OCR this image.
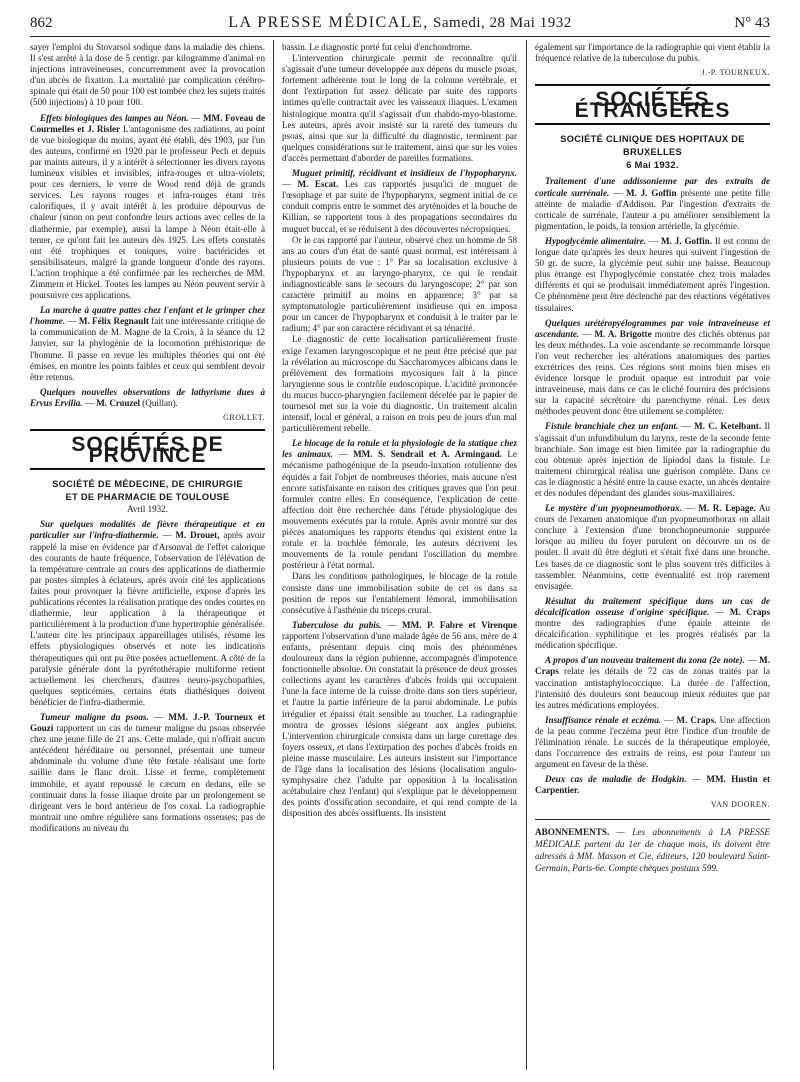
862	LA PRESSE MÉDICALE, Samedi, 28 Mai 1932	N° 43

sayer l'emploi du Stovarsol sodique dans la maladie des chiens. Il s'est arrêté à la dose de 5 centigr. par kilogramme d'animal en injections intraveineuses, concurremment avec la provocation d'un abcès de fixation. La mortalité par complication cérébro-spinale qui était de 50 pour 100 est tombée chez les sujets traités (500 injections) à 10 pour 100.

Effets biologiques des lampes au Néon. — MM. Foveau de Courmelles et J. Risler L'antagonisme des radiations, au point de vue biologique du moins, ayant été établi, dès 1903, par l'un des auteurs, confirmé en 1920 par le professeur Pech et depuis par maints auteurs, il y a intérêt à sélectionner les divers rayons lumineux visibles et invisibles, infra-rouges et ultra-violets; pour ces derniers, le verre de Wood rend déjà de grands services. Les rayons rouges et infra-rouges étant très calorifiques, il y avait intérêt à les produire dépourvus de chaleur (sinon on peut confondre leurs actions avec celles de la diathermie, par exemple), aussi la lampe à Néon était-elle à tenter, ce qu'ont fait les auteurs dès 1925. Les effets constatés ont été trophiques et toniques, voire bactéricides et sensibilisateurs, malgré la grande longueur d'onde des rayons. L'action trophique a été confirmée par les recherches de MM. Zimmern et Hickel. Toutes les lampes au Néon peuvent servir à poursuivre ces applications.

La marche à quatre pattes chez l'enfant et le grimper chez l'homme. — M. Félix Regnault fait une intéressante critique de la communication de M. Magne de la Croix, à la séance du 12 Janvier, sur la phylogénie de la locomotion préhistorique de l'homme. Il passe en revue les multiples théories qui ont été émises, en montre les points faibles et ceux qui semblent devoir être retenus.

Quelques nouvelles observations de lathyrisme dues à Ervus Ervilia. — M. Crouzel (Quillan).

GROLLET.
SOCIÉTÉS DE PROVINCE
SOCIÉTÉ DE MÉDECINE, DE CHIRURGIE
ET DE PHARMACIE DE TOULOUSE
Avril 1932.

Sur quelques modalités de fièvre thérapeutique et en particulier sur l'infra-diathermie. — M. Drouet, après avoir rappelé la mise en évidence par d'Arsonval de l'effet calorique des courants de haute fréquence, l'observation de l'élévation de la température centrale au cours des applications de diathermie par postes simples à éclateurs, après avoir cité les applications faites pour provoquer la fièvre artificielle, expose d'après les publications récentes la réalisation pratique des ondes courtes en diathermie, leur application à la thérapeutique et particulièrement à la production d'une hypertrophie généralisée. L'auteur cite les principaux appareillages utilisés, résume les effets physiologiques observés et note les indications thérapeutiques qui ont pu être posées actuellement. A côté de la paralysie générale dont la pyrétothérapie multiforme retient actuellement les chercheurs, d'autres neuro-psychopathies, quelques septicémies, certains états diathésiques doivent bénéficier de l'infra-diathermie.

Tumeur maligne du psoas. — MM. J.-P. Tourneux et Gouzi rapportent un cas de tumeur maligne du psoas observée chez une jeune fille de 21 ans. Cette malade, qui n'offrait aucun antécédent héréditaire ou personnel, présentait une tumeur abdominale du volume d'une tête fœtale réalisant une forte saillie dans le flanc droit. Lisse et ferme, complètement immobile, et ayant repoussé le cæcum en dedans, elle se continuait dans la fosse iliaque droite par un prolongement se dirigeant vers le bord antérieur de l'os coxal. La radiographie montrait une ombre régulière sans formations osseuses; pas de modifications au niveau du

bassin. Le diagnostic porté fut celui d'enchondrome.

L'intervention chirurgicale permit de reconnaître qu'il s'agissait d'une tumeur développée aux dépens du muscle psoas, fortement adhérente tout le long de la colonne vertébrale, et dont l'extirpation fut assez délicate par suite des rapports intimes qu'elle contractait avec les vaisseaux iliaques. L'examen histologique montra qu'il s'agissait d'un rhabdo-myo-blastome. Les auteurs, après avoir insisté sur la rareté des tumeurs du psoas, ainsi que sur la difficulté du diagnostic, terminent par quelques considérations sur le traitement, ainsi que sur les voies d'accès permettant d'aborder de pareilles formations.

Muguet primitif, récidivant et insidieux de l'hypopharynx. — M. Escat. Les cas rapportés jusqu'ici de muguet de l'œsophage et par suite de l'hypopharynx, segment initial de ce conduit compris entre le sommet des aryténoïdes et la bouche de Killian, se rapportent tous à des propagations secondaires du muguet buccal, et se réduisent à des découvertes nécropsiques.

Or le cas rapporté par l'auteur, observé chez un homme de 58 ans au cours d'un état de santé quasi normal, est intéressant à plusieurs points de vue : 1° Par sa localisation exclusive à l'hypopharynx et au laryngo-pharynx, ce qui le rendait indiagnosticable sans le secours du laryngoscope; 2° par son caractère primitif au moins en apparence; 3° par sa symptomatologie particulièrement insidieuse qui en imposa pour un cancer de l'hypopharynx et conduisit à le traiter par le radium; 4° par son caractère récidivant et sa ténacité.

Le diagnostic de cette localisation particulièrement fruste exige l'examen laryngoscopique et ne peut être précisé que par la révélation au microscope du Saccharomyces albicans dans le prélèvement des formations mycosiques fait à la pince laryngienne sous le contrôle endoscopique. L'acidité prononcée du mucus bucco-pharyngien facilement décelée par le papier de tournesol met sur la voie du diagnostic. Un traitement alcalin intensif, local et général, a raison en trois peu de jours d'un mal particulièrement rebelle.

Le blocage de la rotule et la physiologie de la statique chez les animaux. — MM. S. Sendrail et A. Armingaud. Le mécanisme pathogénique de la pseudo-luxation rotulienne des équidés a fait l'objet de nombreuses théories, mais aucune n'est encore satisfaisante en raison des critiques graves que l'on peut formuler contre elles. En conséquence, l'explication de cette affection doit être recherchée dans l'étude physiologique des mouvements exécutés par la rotule. Après avoir montré sur des pièces anatomiques les rapports étendus qui existent entre la rotule et la trochlée fémorale, les auteurs décrivent les mouvements de la rotule pendant l'oscillation du membre postérieur à l'état normal.

Dans les conditions pathologiques, le blocage de la rotule consiste dans une immobilisation subite de cet os dans sa position de repos sur l'entablement fémoral, immobilisation consécutive à l'asthénie du triceps crural.

Tuberculose du pubis. — MM. P. Fabre et Virenque rapportent l'observation d'une malade âgée de 56 ans, mère de 4 enfants, présentant depuis cinq mois des phénomènes douloureux dans la région pubienne, accompagnés d'impotence fonctionnelle absolue. On constatait la présence de deux grosses collections ayant les caractères d'abcès froids qui occupaient l'une la face interne de la cuisse droite dans son tiers supérieur, et l'autre la partie inférieure de la paroi abdominale. Le pubis irrégulier et épaissi était sensible au toucher. La radiographie montra de grosses lésions siégeant aux angles pubiens. L'intervention chirurgicale consista dans un large curettage des foyers osseux, et dans l'extirpation des poches d'abcès froids en pleine masse musculaire. Les auteurs insistent sur l'importance de l'âge dans la localisation des lésions (localisation angulo-symphysaire chez l'adulte par opposition à la localisation acétabulaire chez l'enfant) qui s'explique par le développement des points d'ossification secondaire, et qui rend compte de la disposition des abcès ossifluents. Ils insistent

également sur l'importance de la radiographie qui vient établir la fréquence relative de la tuberculose du pubis.

J.-P. TOURNEUX.
SOCIÉTÉS ÉTRANGÈRES
SOCIÉTÉ CLINIQUE DES HOPITAUX DE BRUXELLES
6 Mai 1932.

Traitement d'une addissonienne par des extraits de corticale surrénale. — M. J. Goffin présente une petite fille atteinte de maladie d'Addison. Par l'ingestion d'extraits de corticale de surrénale, l'auteur a pu améliorer sensiblement la pigmentation, le poids, la tension artérielle, la glycémie.

Hypoglycémie alimentaire. — M. J. Goffin. Il est connu de longue date qu'après les deux heures qui suivent l'ingestion de 50 gr. de sucre, la glycémie peut subir une baisse. Beaucoup plus étrange est l'hypoglycémie constatée chez trois malades différents et qui se produisait immédiatement après l'ingestion. Ce phénomène peut être déclenché par des réactions végétatives tissulaires.

Quelques urétéropyélogrammes par voie intraveineuse et ascendante. — M. A. Brigotte montre des clichés obtenus par les deux méthodes. La voie ascendante se recommande lorsque l'on veut rechercher les altérations anatomiques des parties excrétrices des reins. Ces régions sont moins bien mises en évidence lorsque le produit opaque est introduit par voie intraveineuse, mais dans ce cas le cliché fournira des précisions sur la capacité sécrétoire du parenchyme rénal. Les deux méthodes peuvent donc être utilement se compléter.

Fistule branchiale chez un enfant. — M. C. Ketelbant. Il s'agissait d'un infundibulum du larynx, reste de la seconde fente branchiale. Son image est bien limitée par la radiographie du cou obtenue après injection de lipiodol dans la fistule. Le traitement chirurgical réalisa une guérison complète. Dans ce cas le diagnostic a hésité entre la cause exacte, un abcès dentaire et des nodules dépendant des glandes sous-maxillaires.

Le mystère d'un pyopneumothorax. — M. R. Lepage. Au cours de l'examen anatomique d'un pyopneumothorax on allait conclure à l'extension d'une bronchopneumonie suppurée lorsque au milieu du foyer purulent on découvre un os de poulet. Il avait dû être dégluti et s'était fixé dans une bronche. Les bases de ce diagnostic sont le plus souvent très difficiles à rassembler. Néanmoins, cette éventualité est trop rarement envisagée.

Résultat du traitement spécifique dans un cas de décalcification osseuse d'origine spécifique. — M. Craps montre des radiographies d'une épaule atteinte de décalcification syphilitique et les progrès réalisés par la médication spécifique.

A propos d'un nouveau traitement du zona (2e note). — M. Craps relate les détails de 72 cas de zonas traités par la vaccination antistaphylococcique. La durée de l'affection, l'intensité des douleurs sont beaucoup mieux réduites que par les autres médications employées.

Insuffisance rénale et eczéma. — M. Craps. Une affection de la peau comme l'eczéma peut être l'indice d'un trouble de l'élimination rénale. Le succès de la thérapeutique employée, dans l'occurrence des extraits de reins, est pour l'auteur un argument en faveur de la thèse.

Deux cas de maladie de Hodgkin. — MM. Hustin et Carpentier.

VAN DOOREN.
ABONNEMENTS. — Les abonnements à LA PRESSE MÉDICALE partent du 1er de chaque mois, ils doivent être adressés à MM. Masson et Cie, éditeurs, 120 boulevard Saint-Germain, Paris-6e. Compte chèques postaux 599.
